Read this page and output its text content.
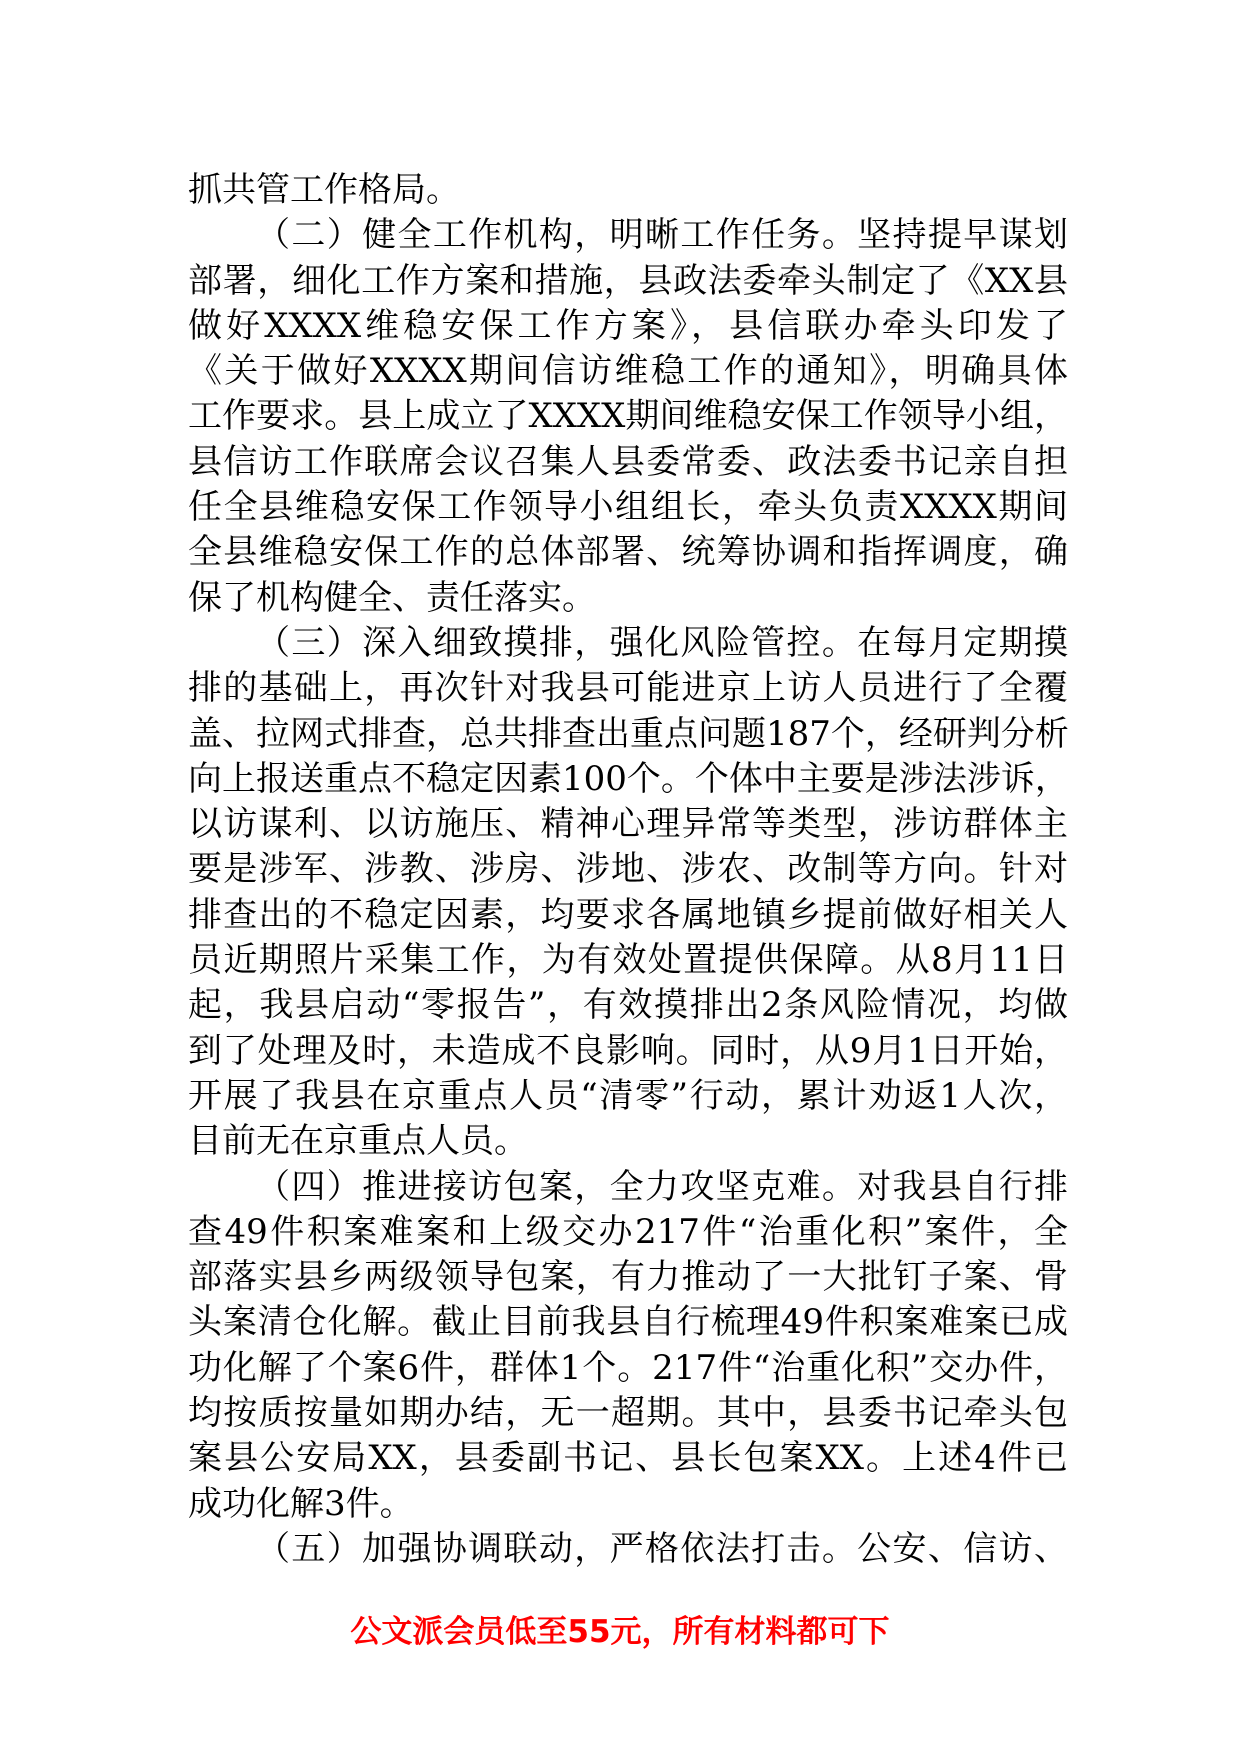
抓共管工作格局。
（二）健全工作机构，明晰工作任务。坚持提早谋划
部署，细化工作方案和措施，县政法委牵头制定了《XX县
做好XXXX维稳安保工作方案》，县信联办牵头印发了
《关于做好XXXX期间信访维稳工作的通知》，明确具体
工作要求。县上成立了XXXX期间维稳安保工作领导小组，
县信访工作联席会议召集人县委常委、政法委书记亲自担
任全县维稳安保工作领导小组组长，牵头负责XXXX期间
全县维稳安保工作的总体部署、统筹协调和指挥调度，确
保了机构健全、责任落实。
（三）深入细致摸排，强化风险管控。在每月定期摸
排的基础上，再次针对我县可能进京上访人员进行了全覆
盖、拉网式排查，总共排查出重点问题187个，经研判分析
向上报送重点不稳定因素100个。个体中主要是涉法涉诉，
以访谋利、以访施压、精神心理异常等类型，涉访群体主
要是涉军、涉教、涉房、涉地、涉农、改制等方向。针对
排查出的不稳定因素，均要求各属地镇乡提前做好相关人
员近期照片采集工作，为有效处置提供保障。从8月11日
起，我县启动“零报告”，有效摸排出2条风险情况，均做
到了处理及时，未造成不良影响。同时，从9月1日开始，
开展了我县在京重点人员“清零”行动，累计劝返1人次，
目前无在京重点人员。
（四）推进接访包案，全力攻坚克难。对我县自行排
查49件积案难案和上级交办217件“治重化积”案件，全
部落实县乡两级领导包案，有力推动了一大批钉子案、骨
头案清仓化解。截止目前我县自行梳理49件积案难案已成
功化解了个案6件，群体1个。217件“治重化积”交办件，
均按质按量如期办结，无一超期。其中，县委书记牵头包
案县公安局XX，县委副书记、县长包案XX。上述4件已
成功化解3件。
（五）加强协调联动，严格依法打击。公安、信访、
公文派会员低至55元，所有材料都可下
